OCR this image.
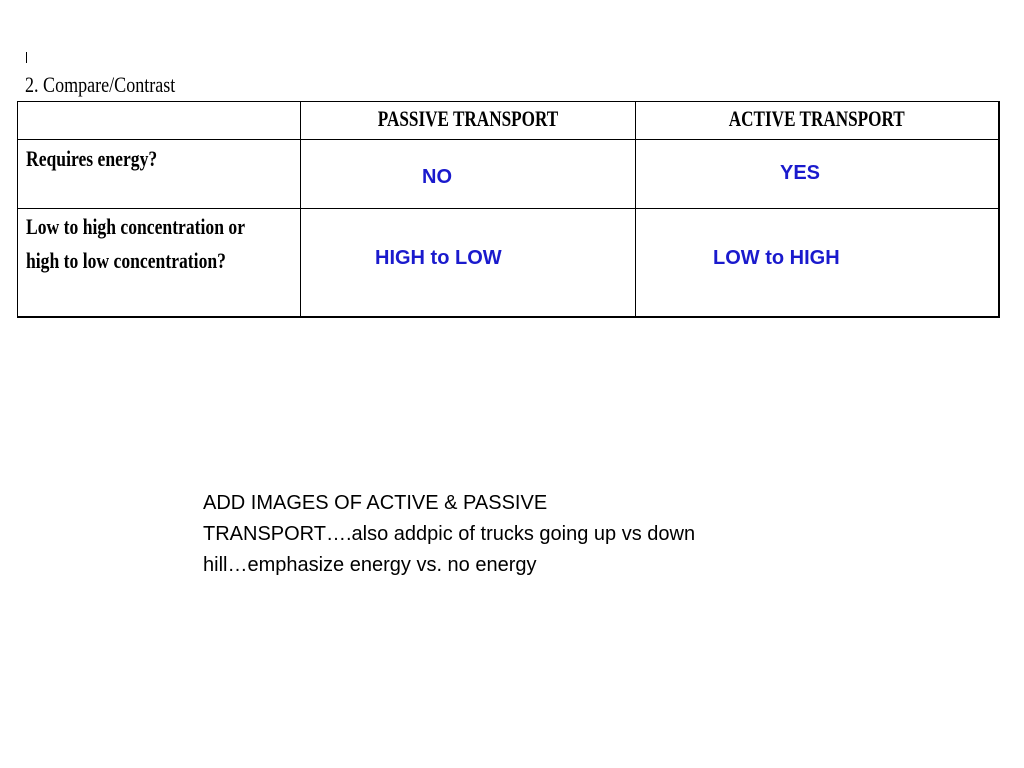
2. Compare/Contrast

	PASSIVE TRANSPORT	ACTIVE TRANSPORT

Requires energy?	NO	YES

Low to high concentration or
high to low concentration?	HIGH to LOW	LOW to HIGH
ADD IMAGES OF ACTIVE & PASSIVE TRANSPORT….also addpic of trucks going up vs down hill…emphasize energy vs. no energy
